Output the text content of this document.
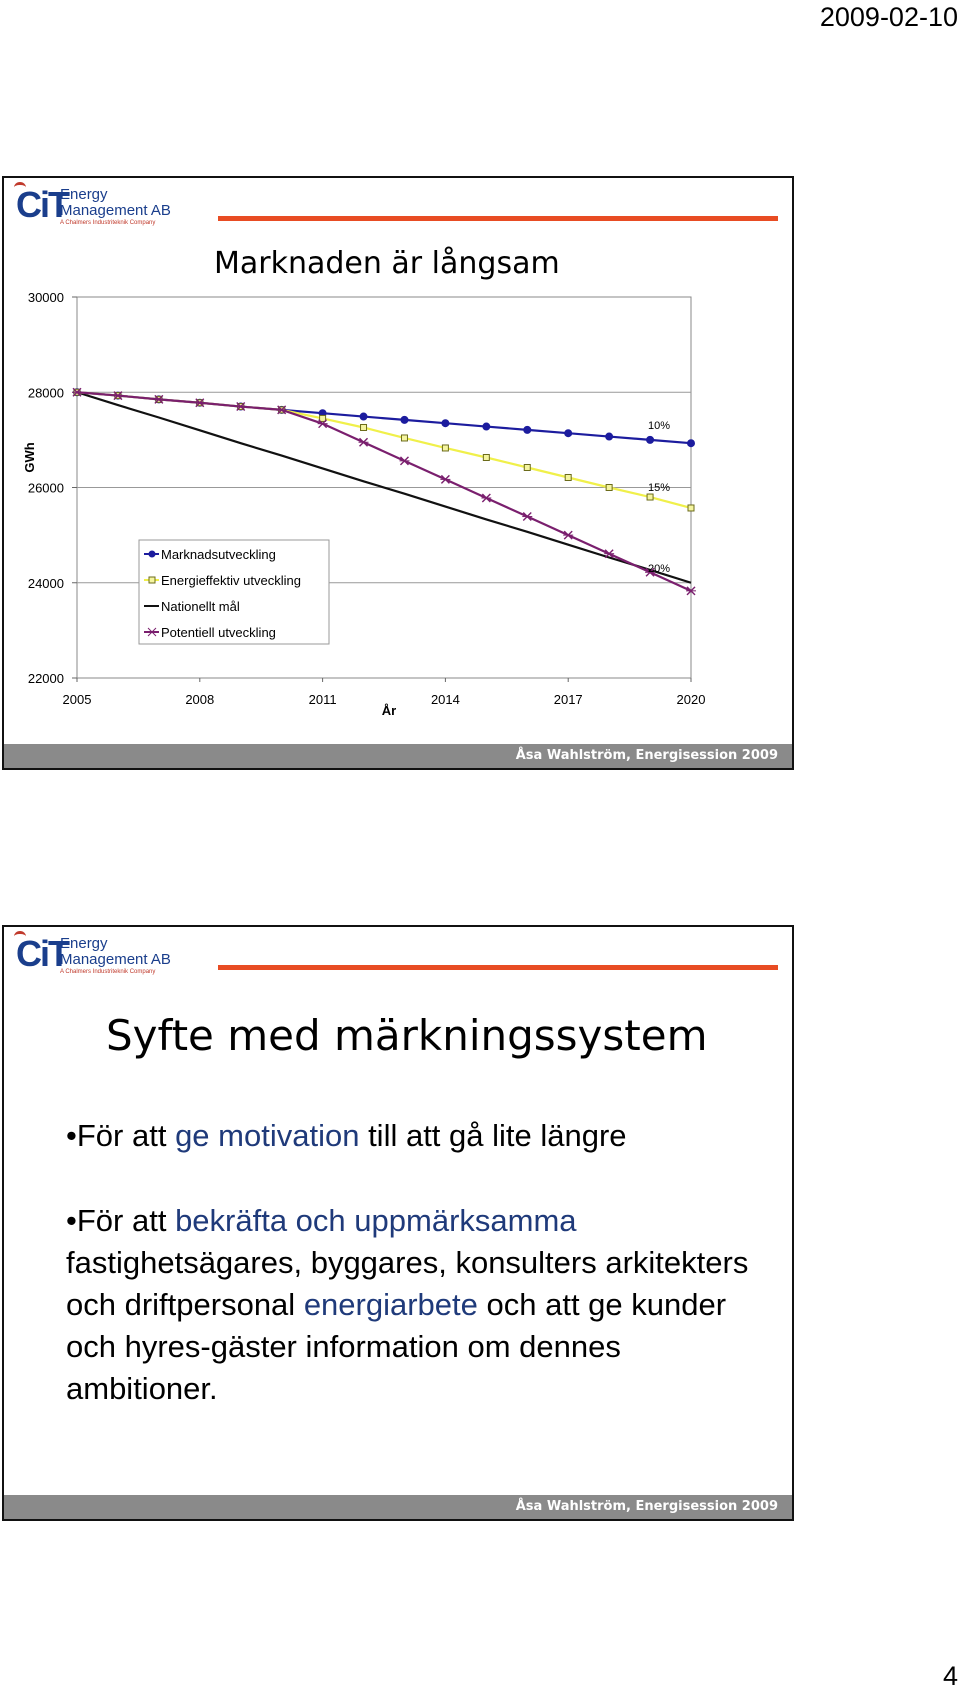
2009-02-10
CiT
Energy
Management AB
A Chalmers Industriteknik Company
Marknaden är långsam
22000
24000
26000
28000
30000
2005	2008	2011	2014	2017	2020
År
GWh
10%
15%
20%
Marknadsutveckling
Energieffektiv utveckling
Nationellt mål
Potentiell utveckling
Åsa Wahlström, Energisession 2009
CiT
Energy
Management AB
A Chalmers Industriteknik Company
Syfte med märkningssystem
•För att ge motivation till att gå lite längre
•För att bekräfta och uppmärksamma fastighetsägares, byggares, konsulters arkitekters och driftpersonal energiarbete och att ge kunder och hyres-gäster information om dennes ambitioner.
Åsa Wahlström, Energisession 2009
4
